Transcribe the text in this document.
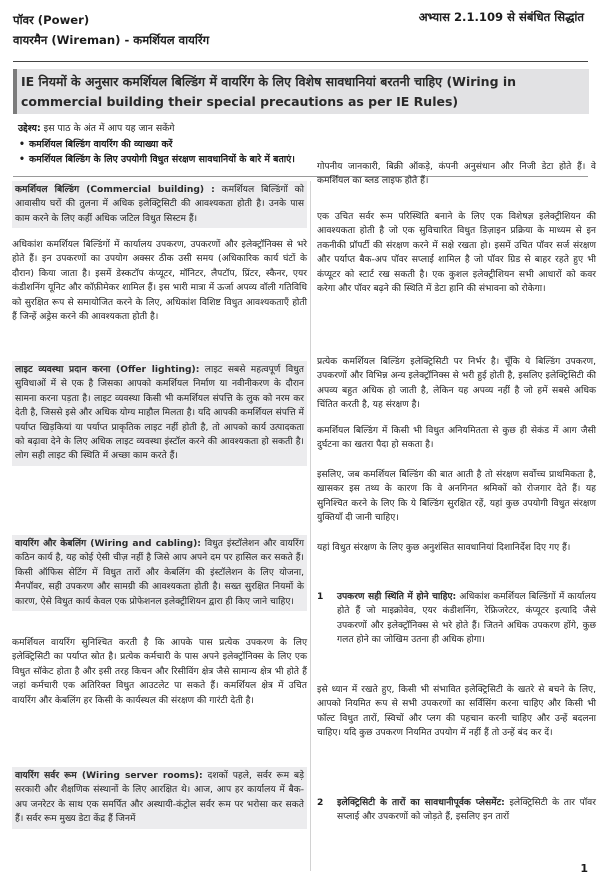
पॉवर (Power)
वायरमैन (Wireman) - कमर्शियल वायरिंग
अभ्यास 2.1.109 से संबंधित सिद्धांत
IE नियमों के अनुसार कमर्शियल बिल्डिंग में वायरिंग के लिए विशेष सावधानियां बरतनी चाहिए (Wiring in commercial building their special precautions as per IE Rules)
उद्देश्य: इस पाठ के अंत में आप यह जान सकेंगे
• कमर्शियल बिल्डिंग वायरिंग की व्याख्या करें
• कमर्शियल बिल्डिंग के लिए उपयोगी विधुत संरक्षण सावधानियों के बारे में बताएं।

कमर्शियल बिल्डिंग (Commercial building) : कमर्शियल बिल्डिंगों को आवासीय घरों की तुलना में अधिक इलेक्ट्रिसिटी की आवश्यकता होती है। उनके पास काम करने के लिए कहीं अधिक जटिल विधुत सिस्टम हैं।

अधिकांश कमर्शियल बिल्डिंगों में कार्यालय उपकरण, उपकरणों और इलेक्ट्रॉनिक्स से भरे होते हैं। इन उपकरणों का उपयोग अक्सर ठीक उसी समय (अधिकारिक कार्य घंटों के दौरान) किया जाता है। इसमें डेस्कटॉप कंप्यूटर, मॉनिटर, लैपटॉप, प्रिंटर, स्कैनर, एयर कंडीशनिंग यूनिट और कॉफ़ीमेकर शामिल हैं। इस भारी मात्रा में ऊर्जा अपव्य वॉली गतिविधि को सुरक्षित रूप से समायोजित करने के लिए, अधिकांश विशिष्ट विधुत आवश्यकताएँ होती हैं जिन्हें अड्रेस करने की आवश्यकता होती है।

लाइट व्यवस्था प्रदान करना (Offer lighting): लाइट सबसे महत्वपूर्ण विधुत सुविधाओं में से एक है जिसका आपको कमर्शियल निर्माण या नवीनीकरण के दौरान सामना करना पड़ता है। लाइट व्यवस्था किसी भी कमर्शियल संपत्ति के लुक को नरम कर देती है, जिससे इसे और अधिक योग्य माहौल मिलता है। यदि आपकी कमर्शियल संपत्ति में पर्याप्त खिड़कियां या पर्याप्त प्राकृतिक लाइट नहीं होती है, तो आपको कार्य उत्पादकता को बढ़ावा देने के लिए अधिक लाइट व्यवस्था इंस्टॉल करने की आवश्यकता हो सकती है। लोग सही लाइट की स्थिति में अच्छा काम करते हैं।

वायरिंग और केबलिंग (Wiring and cabling): विधुत इंस्टॉलेशन और वायरिंग कठिन कार्य है, यह कोई ऐसी चीज़ नहीं है जिसे आप अपने दम पर हासिल कर सकते हैं। किसी ऑफिस सेटिंग में विधुत तारों और केबलिंग की इंस्टॉलेशन के लिए योजना, मैनपॉवर, सही उपकरण और सामग्री की आवश्यकता होती है। सख्त सुरक्षित नियमों के कारण, ऐसे विधुत कार्य केवल एक प्रोफेशनल इलेक्ट्रीशियन द्वारा ही किए जाने चाहिए।

कमर्शियल वायरिंग सुनिश्चित करती है कि आपके पास प्रत्येक उपकरण के लिए इलेक्ट्रिसिटी का पर्याप्त स्रोत है। प्रत्येक कर्मचारी के पास अपने इलेक्ट्रॉनिक्स के लिए एक विधुत सॉकेट होता है और इसी तरह किचन और रिसीविंग क्षेत्र जैसे सामान्य क्षेत्र भी होते हैं जहां कर्मचारी एक अतिरिक्त विधुत आउटलेट पा सकते हैं। कमर्शियल क्षेत्र में उचित वायरिंग और केबलिंग हर किसी के कार्यस्थल की संरक्षण की गारंटी देती है।

वायरिंग सर्वर रूम (Wiring server rooms): दशकों पहले, सर्वर रूम बड़े सरकारी और शैक्षणिक संस्थानों के लिए आरक्षित थे। आज, आप हर कार्यालय में बैक-अप जनरेटर के साथ एक समर्पित और अस्थायी-कंट्रोल सर्वर रूम पर भरोसा कर सकते हैं। सर्वर रूम मुख्य डेटा केंद्र हैं जिनमें

गोपनीय जानकारी, बिक्री ऑकड़े, कंपनी अनुसंधान और निजी डेटा होते हैं। वे कमर्शियल का ब्लड लाइफ होते हैं।

एक उचित सर्वर रूम परिस्थिति बनाने के लिए एक विशेषज्ञ इलेक्ट्रीशियन की आवश्यकता होती है जो एक सुविचारित विधुत डिज़ाइन प्रक्रिया के माध्यम से इन तकनीकी प्रॉपर्टी की संरक्षण करने में सक्षे रखता हो। इसमें उचित पॉवर सर्ज संरक्षण और पर्याप्त बैक-अप पॉवर सप्लाई शामिल है जो पॉवर ग्रिड से बाहर रहते हुए भी कंप्यूटर को स्टार्ट रख सकती है। एक कुशल इलेक्ट्रीशियन सभी आधारों को कवर करेगा और पॉवर बढ़ने की स्थिति में डेटा हानि की संभावना को रोकेगा।

प्रत्येक कमर्शियल बिल्डिंग इलेक्ट्रिसिटी पर निर्भर है। चूँकि ये बिल्डिंग उपकरण, उपकरणों और विभिन्न अन्य इलेक्ट्रॉनिक्स से भरी हुई होती है, इसलिए इलेक्ट्रिसिटी की अपव्य बहुत अधिक हो जाती है, लेकिन यह अपव्य नहीं है जो हमें सबसे अधिक चिंतित करती है, यह संरक्षण है।

कमर्शियल बिल्डिंग में किसी भी विधुत अनियमितता से कुछ ही सेकंड में आग जैसी दुर्घटना का खतरा पैदा हो सकता है।

इसलिए, जब कमर्शियल बिल्डिंग की बात आती है तो संरक्षण सर्वोच्च प्राथमिकता है, खासकर इस तथ्य के कारण कि वे अनगिनत श्रमिकों को रोजगार देते हैं। यह सुनिश्चित करने के लिए कि ये बिल्डिंग सुरक्षित रहें, यहां कुछ उपयोगी विधुत संरक्षण युक्तियाँ दी जानी चाहिए।

यहां विधुत संरक्षण के लिए कुछ अनुशंसित सावधानियां दिशानिर्देश दिए गए हैं।

1 उपकरण सही स्थिति में होने चाहिए: अधिकांश कमर्शियल बिल्डिंगों में कार्यालय होते हैं जो माइक्रोवेव, एयर कंडीशनिंग, रेफ्रिजरेटर, कंप्यूटर इत्यादि जैसे उपकरणों और इलेक्ट्रॉनिक्स से भरे होते हैं। जितने अधिक उपकरण होंगे, कुछ गलत होने का जोखिम उतना ही अधिक होगा।

इसे ध्यान में रखते हुए, किसी भी संभावित इलेक्ट्रिसिटी के खतरे से बचने के लिए, आपको नियमित रूप से सभी उपकरणों का सर्विसिंग करना चाहिए और किसी भी फॉल्ट विधुत तारों, स्विचों और प्लग की पहचान करनी चाहिए और उन्हें बदलना चाहिए। यदि कुछ उपकरण नियमित उपयोग में नहीं हैं तो उन्हें बंद कर दें।

2 इलेक्ट्रिसिटी के तारों का सावधानीपूर्वक प्लेसमेंट: इलेक्ट्रिसिटी के तार पॉवर सप्लाई और उपकरणों को जोड़ते हैं, इसलिए इन तारों

1
